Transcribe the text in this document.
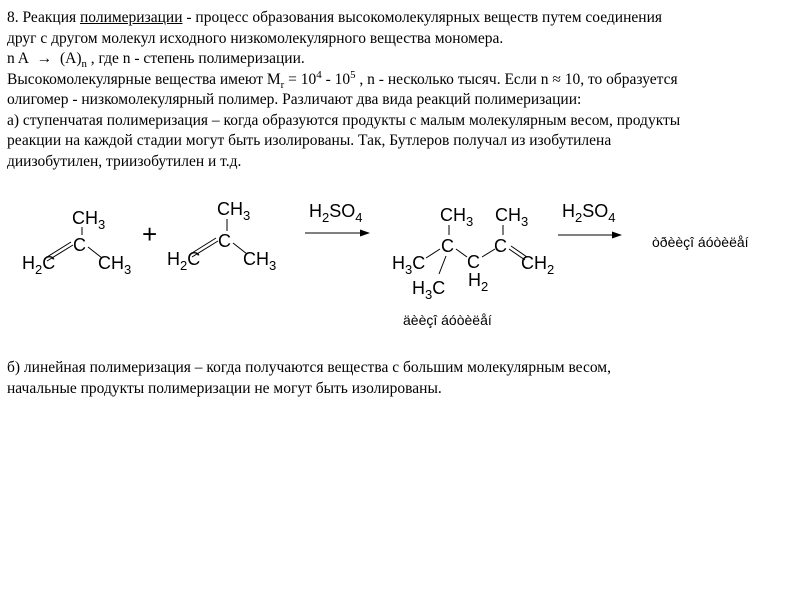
8. Реакция полимеризации - процесс образования высокомолекулярных веществ путем соединения

друг с другом молекул исходного низкомолекулярного вещества мономера.

n $A \to (A)_n$ , где n - степень полимеризации.

Высокомолекулярные вещества имеют $M_r = 10^4 - 10^5$ , n - несколько тысяч. Если n ≈ 10, то образуется

олигомер - низкомолекулярный полимер. Различают два вида реакций полимеризации:

а) ступенчатая полимеризация – когда образуются продукты с малым молекулярным весом, продукты

реакции на каждой стадии могут быть изолированы. Так, Бутлеров получал из изобутилена

диизобутилен, триизобутилен и т.д.

$CH_3$
C
$H_2C$ $CH_3$
+
$CH_3$
C
$H_2C$ $CH_3$
$H_2SO_4$	$CH_3$ $CH_3$
C C
C
$H_3C$
$H_3C$ $H_2$
$CH_2$
äèèçî áóòèëåí
$H_2SO_4$
òðèèçî áóòèëåí

б) линейная полимеризация – когда получаются вещества с большим молекулярным весом,

начальные продукты полимеризации не могут быть изолированы.
